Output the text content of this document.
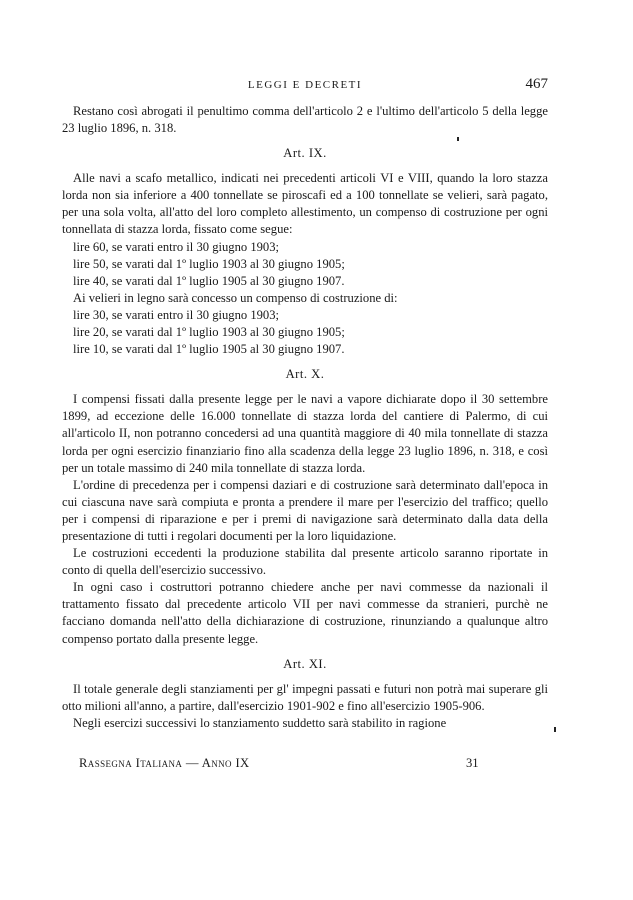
LEGGI E DECRETI	467

Restano così abrogati il penultimo comma dell'articolo 2 e l'ultimo dell'articolo 5 della legge 23 luglio 1896, n. 318.

Art. IX.

Alle navi a scafo metallico, indicati nei precedenti articoli VI e VIII, quando la loro stazza lorda non sia inferiore a 400 tonnellate se piroscafi ed a 100 tonnellate se velieri, sarà pagato, per una sola volta, all'atto del loro completo allestimento, un compenso di costruzione per ogni tonnellata di stazza lorda, fissato come segue:

lire 60, se varati entro il 30 giugno 1903;
lire 50, se varati dal 1º luglio 1903 al 30 giugno 1905;
lire 40, se varati dal 1º luglio 1905 al 30 giugno 1907.

Ai velieri in legno sarà concesso un compenso di costruzione di:

lire 30, se varati entro il 30 giugno 1903;
lire 20, se varati dal 1º luglio 1903 al 30 giugno 1905;
lire 10, se varati dal 1º luglio 1905 al 30 giugno 1907.
Art. X.

I compensi fissati dalla presente legge per le navi a vapore dichiarate dopo il 30 settembre 1899, ad eccezione delle 16.000 tonnellate di stazza lorda del cantiere di Palermo, di cui all'articolo II, non potranno concedersi ad una quantità maggiore di 40 mila tonnellate di stazza lorda per ogni esercizio finanziario fino alla scadenza della legge 23 luglio 1896, n. 318, e così per un totale massimo di 240 mila tonnellate di stazza lorda.

L'ordine di precedenza per i compensi daziari e di costruzione sarà determinato dall'epoca in cui ciascuna nave sarà compiuta e pronta a prendere il mare per l'esercizio del traffico; quello per i compensi di riparazione e per i premi di navigazione sarà determinato dalla data della presentazione di tutti i regolari documenti per la loro liquidazione.

Le costruzioni eccedenti la produzione stabilita dal presente articolo saranno riportate in conto di quella dell'esercizio successivo.

In ogni caso i costruttori potranno chiedere anche per navi commesse da nazionali il trattamento fissato dal precedente articolo VII per navi commesse da stranieri, purchè ne facciano domanda nell'atto della dichiarazione di costruzione, rinunziando a qualunque altro compenso portato dalla presente legge.

Art. XI.

Il totale generale degli stanziamenti per gl' impegni passati e futuri non potrà mai superare gli otto milioni all'anno, a partire, dall'esercizio 1901-902 e fino all'esercizio 1905-906.

Negli esercizi successivi lo stanziamento suddetto sarà stabilito in ragione

Rassegna Italiana — Anno IX	31
